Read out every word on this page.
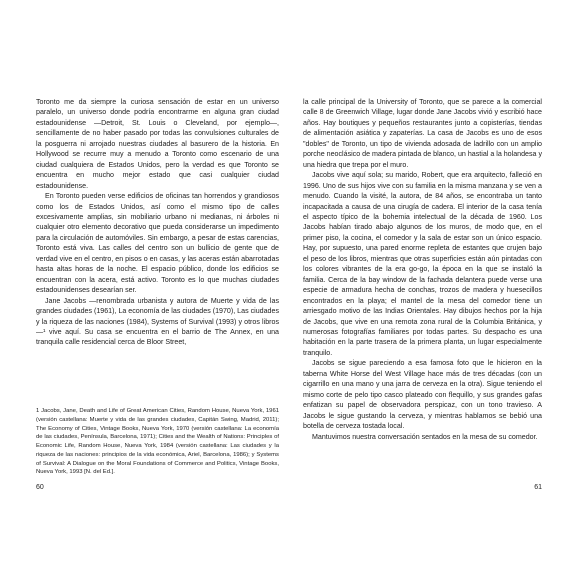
Toronto me da siempre la curiosa sensación de estar en un universo paralelo, un universo donde podría encontrarme en alguna gran ciudad estadounidense —Detroit, St. Louis o Cleveland, por ejemplo—, sencillamente de no haber pasado por todas las convulsiones culturales de la posguerra ni arrojado nuestras ciudades al basurero de la historia. En Hollywood se recurre muy a menudo a Toronto como escenario de una ciudad cualquiera de Estados Unidos, pero la verdad es que Toronto se encuentra en mucho mejor estado que casi cualquier ciudad estadounidense.

En Toronto pueden verse edificios de oficinas tan horrendos y grandiosos como los de Estados Unidos, así como el mismo tipo de calles excesivamente amplias, sin mobiliario urbano ni medianas, ni árboles ni cualquier otro elemento decorativo que pueda considerarse un impedimento para la circulación de automóviles. Sin embargo, a pesar de estas carencias, Toronto está viva. Las calles del centro son un bullicio de gente que de verdad vive en el centro, en pisos o en casas, y las aceras están abarrotadas hasta altas horas de la noche. El espacio público, donde los edificios se encuentran con la acera, está activo. Toronto es lo que muchas ciudades estadounidenses desearían ser.

Jane Jacobs —renombrada urbanista y autora de Muerte y vida de las grandes ciudades (1961), La economía de las ciudades (1970), Las ciudades y la riqueza de las naciones (1984), Systems of Survival (1993) y otros libros—¹ vive aquí. Su casa se encuentra en el barrio de The Annex, en una tranquila calle residencial cerca de Bloor Street,

1 Jacobs, Jane, Death and Life of Great American Cities, Random House, Nueva York, 1961 (versión castellana: Muerte y vida de las grandes ciudades, Capitán Swing, Madrid, 2011); The Economy of Cities, Vintage Books, Nueva York, 1970 (versión castellana: La economía de las ciudades, Península, Barcelona, 1971); Cities and the Wealth of Nations: Principles of Economic Life, Random House, Nueva York, 1984 (versión castellana: Las ciudades y la riqueza de las naciones: principios de la vida económica, Ariel, Barcelona, 1986); y Systems of Survival: A Dialogue on the Moral Foundations of Commerce and Politics, Vintage Books, Nueva York, 1993 [N. del Ed.].

60

la calle principal de la University of Toronto, que se parece a la comercial calle 8 de Greenwich Village, lugar donde Jane Jacobs vivió y escribió hace años. Hay boutiques y pequeños restaurantes junto a copisterías, tiendas de alimentación asiática y zapaterías. La casa de Jacobs es uno de esos "dobles" de Toronto, un tipo de vivienda adosada de ladrillo con un amplio porche neoclásico de madera pintada de blanco, un hastial a la holandesa y una hiedra que trepa por el muro.

Jacobs vive aquí sola; su marido, Robert, que era arquitecto, falleció en 1996. Uno de sus hijos vive con su familia en la misma manzana y se ven a menudo. Cuando la visité, la autora, de 84 años, se encontraba un tanto incapacitada a causa de una cirugía de cadera. El interior de la casa tenía el aspecto típico de la bohemia intelectual de la década de 1960. Los Jacobs habían tirado abajo algunos de los muros, de modo que, en el primer piso, la cocina, el comedor y la sala de estar son un único espacio. Hay, por supuesto, una pared enorme repleta de estantes que crujen bajo el peso de los libros, mientras que otras superficies están aún pintadas con los colores vibrantes de la era go-go, la época en la que se instaló la familia. Cerca de la bay window de la fachada delantera puede verse una especie de armadura hecha de conchas, trozos de madera y huesecillos encontrados en la playa; el mantel de la mesa del comedor tiene un arriesgado motivo de las Indias Orientales. Hay dibujos hechos por la hija de Jacobs, que vive en una remota zona rural de la Columbia Británica, y numerosas fotografías familiares por todas partes. Su despacho es una habitación en la parte trasera de la primera planta, un lugar especialmente tranquilo.

Jacobs se sigue pareciendo a esa famosa foto que le hicieron en la taberna White Horse del West Village hace más de tres décadas (con un cigarrillo en una mano y una jarra de cerveza en la otra). Sigue teniendo el mismo corte de pelo tipo casco plateado con flequillo, y sus grandes gafas enfatizan su papel de observadora perspicaz, con un tono travieso. A Jacobs le sigue gustando la cerveza, y mientras hablamos se bebió una botella de cerveza tostada local.

Mantuvimos nuestra conversación sentados en la mesa de su comedor.

61
